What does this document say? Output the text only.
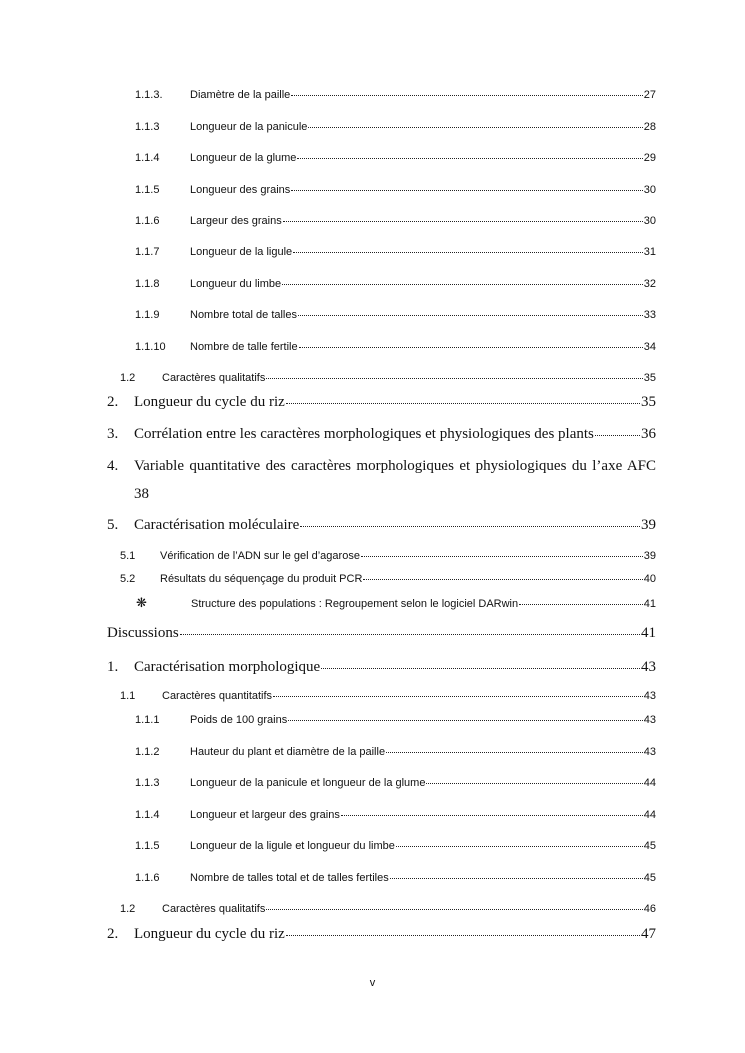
1.1.3.	Diamètre de la paille	27
1.1.3	Longueur de la panicule	28
1.1.4	Longueur de la glume	29
1.1.5	Longueur des grains	30
1.1.6	Largeur des grains	30
1.1.7	Longueur de la ligule	31
1.1.8	Longueur du limbe	32
1.1.9	Nombre total de talles	33
1.1.10	Nombre de talle fertile	34
1.2	Caractères qualitatifs	35
2.	Longueur du cycle du riz	35
3.	Corrélation entre les caractères morphologiques et physiologiques des plants	36
4.	Variable quantitative des caractères morphologiques et physiologiques du l’axe AFC
38
5.	Caractérisation moléculaire	39
5.1	Vérification de l’ADN sur le gel d’agarose	39
5.2	Résultats du séquençage du produit PCR	40
❋	Structure des populations : Regroupement selon le logiciel DARwin	41
Discussions	41
1.	Caractérisation morphologique	43
1.1	Caractères quantitatifs	43
1.1.1	Poids de 100 grains	43
1.1.2	Hauteur du plant et diamètre de la paille	43
1.1.3	Longueur de la panicule et longueur de la glume	44
1.1.4	Longueur et largeur des grains	44
1.1.5	Longueur de la ligule et longueur du limbe	45
1.1.6	Nombre de talles total et de talles fertiles	45
1.2	Caractères qualitatifs	46
2.	Longueur du cycle du riz	47
v
